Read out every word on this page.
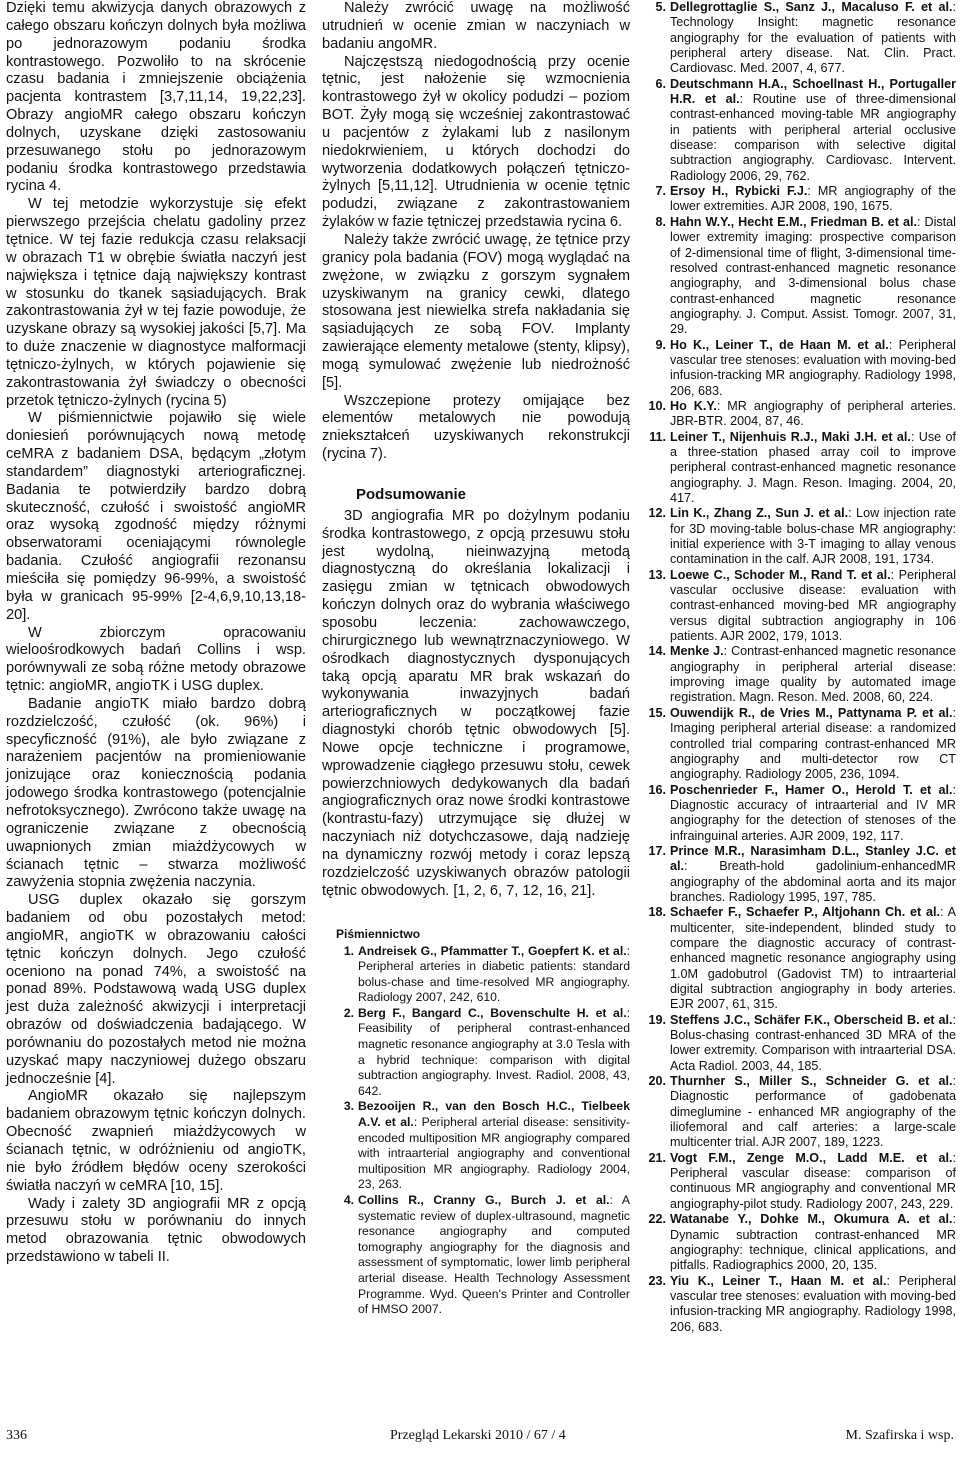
Dzięki temu akwizycja danych obrazowych z całego obszaru kończyn dolnych była możliwa po jednorazowym podaniu środka kontrastowego. Pozwoliło to na skrócenie czasu badania i zmniejszenie obciążenia pacjenta kontrastem [3,7,11,14, 19,22,23]. Obrazy angioMR całego obszaru kończyn dolnych, uzyskane dzięki zastosowaniu przesuwanego stołu po jednorazowym podaniu środka kontrastowego przedstawia rycina 4.

W tej metodzie wykorzystuje się efekt pierwszego przejścia chelatu gadoliny przez tętnice. W tej fazie redukcja czasu relaksacji w obrazach T1 w obrębie światła naczyń jest największa i tętnice dają największy kontrast w stosunku do tkanek sąsiadujących. Brak zakontrastowania żył w tej fazie powoduje, że uzyskane obrazy są wysokiej jakości [5,7]. Ma to duże znaczenie w diagnostyce malformacji tętniczo-żylnych, w których pojawienie się zakontrastowania żył świadczy o obecności przetok tętniczo-żylnych (rycina 5)

W piśmiennictwie pojawiło się wiele doniesień porównujących nową metodę ceMRA z badaniem DSA, będącym „złotym standardem” diagnostyki arteriograficznej. Badania te potwierdziły bardzo dobrą skuteczność, czułość i swoistość angioMR oraz wysoką zgodność między różnymi obserwatorami oceniającymi równolegle badania. Czułość angiografii rezonansu mieściła się pomiędzy 96-99%, a swoistość była w granicach 95-99% [2-4,6,9,10,13,18-20].

W zbiorczym opracowaniu wieloośrodkowych badań Collins i wsp. porównywali ze sobą różne metody obrazowe tętnic: angioMR, angioTK i USG duplex.

Badanie angioTK miało bardzo dobrą rozdzielczość, czułość (ok. 96%) i specyficzność (91%), ale było związane z narażeniem pacjentów na promieniowanie jonizujące oraz koniecznością podania jodowego środka kontrastowego (potencjalnie nefrotoksycznego). Zwrócono także uwagę na ograniczenie związane z obecnością uwapnionych zmian miażdżycowych w ścianach tętnic – stwarza możliwość zawyżenia stopnia zwężenia naczynia.

USG duplex okazało się gorszym badaniem od obu pozostałych metod: angioMR, angioTK w obrazowaniu całości tętnic kończyn dolnych. Jego czułość oceniono na ponad 74%, a swoistość na ponad 89%. Podstawową wadą USG duplex jest duża zależność akwizycji i interpretacji obrazów od doświadczenia badającego. W porównaniu do pozostałych metod nie można uzyskać mapy naczyniowej dużego obszaru jednocześnie [4].

AngioMR okazało się najlepszym badaniem obrazowym tętnic kończyn dolnych. Obecność zwapnień miażdżycowych w ścianach tętnic, w odróżnieniu od angioTK, nie było źródłem błędów oceny szerokości światła naczyń w ceMRA [10, 15].

Wady i zalety 3D angiografii MR z opcją przesuwu stołu w porównaniu do innych metod obrazowania tętnic obwodowych przedstawiono w tabeli II.

Należy zwrócić uwagę na możliwość utrudnień w ocenie zmian w naczyniach w badaniu angoMR.

Najczęstszą niedogodnością przy ocenie tętnic, jest nałożenie się wzmocnienia kontrastowego żył w okolicy podudzi – poziom BOT. Żyły mogą się wcześniej zakontrastować u pacjentów z żylakami lub z nasilonym niedokrwieniem, u których dochodzi do wytworzenia dodatkowych połączeń tętniczo-żylnych [5,11,12]. Utrudnienia w ocenie tętnic podudzi, związane z zakontrastowaniem żylaków w fazie tętniczej przedstawia rycina 6.

Należy także zwrócić uwagę, że tętnice przy granicy pola badania (FOV) mogą wyglądać na zwężone, w związku z gorszym sygnałem uzyskiwanym na granicy cewki, dlatego stosowana jest niewielka strefa nakładania się sąsiadujących ze sobą FOV. Implanty zawierające elementy metalowe (stenty, klipsy), mogą symulować zwężenie lub niedrożność [5].

Wszczepione protezy omijające bez elementów metalowych nie powodują zniekształceń uzyskiwanych rekonstrukcji (rycina 7).

Podsumowanie

3D angiografia MR po dożylnym podaniu środka kontrastowego, z opcją przesuwu stołu jest wydolną, nieinwazyjną metodą diagnostyczną do określania lokalizacji i zasięgu zmian w tętnicach obwodowych kończyn dolnych oraz do wybrania właściwego sposobu leczenia: zachowawczego, chirurgicznego lub wewnątrznaczyniowego. W ośrodkach diagnostycznych dysponujących taką opcją aparatu MR brak wskazań do wykonywania inwazyjnych badań arteriograficznych w początkowej fazie diagnostyki chorób tętnic obwodowych [5]. Nowe opcje techniczne i programowe, wprowadzenie ciągłego przesuwu stołu, cewek powierzchniowych dedykowanych dla badań angiograficznych oraz nowe środki kontrastowe (kontrastu-fazy) utrzymujące się dłużej w naczyniach niż dotychczasowe, dają nadzieję na dynamiczny rozwój metody i coraz lepszą rozdzielczość uzyskiwanych obrazów patologii tętnic obwodowych. [1, 2, 6, 7, 12, 16, 21].

Piśmiennictwo
1. Andreisek G., Pfammatter T., Goepfert K. et al.: Peripheral arteries in diabetic patients: standard bolus-chase and time-resolved MR angiography. Radiology 2007, 242, 610.
2. Berg F., Bangard C., Bovenschulte H. et al.: Feasibility of peripheral contrast-enhanced magnetic resonance angiography at 3.0 Tesla with a hybrid technique: comparison with digital subtraction angiography. Invest. Radiol. 2008, 43, 642.
3. Bezooijen R., van den Bosch H.C., Tielbeek A.V. et al.: Peripheral arterial disease: sensitivity-encoded multiposition MR angiography compared with intraarterial angiography and conventional multiposition MR angiography. Radiology 2004, 23, 263.
4. Collins R., Cranny G., Burch J. et al.: A systematic review of duplex-ultrasound, magnetic resonance angiography and computed tomography angiography for the diagnosis and assessment of symptomatic, lower limb peripheral arterial disease. Health Technology Assessment Programme. Wyd. Queen's Printer and Controller of HMSO 2007.
5. Dellegrottaglie S., Sanz J., Macaluso F. et al.: Technology Insight: magnetic resonance angiography for the evaluation of patients with peripheral artery disease. Nat. Clin. Pract. Cardiovasc. Med. 2007, 4, 677.
6. Deutschmann H.A., Schoellnast H., Portugaller H.R. et al.: Routine use of three-dimensional contrast-enhanced moving-table MR angiography in patients with peripheral arterial occlusive disease: comparison with selective digital subtraction angiography. Cardiovasc. Intervent. Radiology 2006, 29, 762.
7. Ersoy H., Rybicki F.J.: MR angiography of the lower extremities. AJR 2008, 190, 1675.
8. Hahn W.Y., Hecht E.M., Friedman B. et al.: Distal lower extremity imaging: prospective comparison of 2-dimensional time of flight, 3-dimensional time-resolved contrast-enhanced magnetic resonance angiography, and 3-dimensional bolus chase contrast-enhanced magnetic resonance angiography. J. Comput. Assist. Tomogr. 2007, 31, 29.
9. Ho K., Leiner T., de Haan M. et al.: Peripheral vascular tree stenoses: evaluation with moving-bed infusion-tracking MR angiography. Radiology 1998, 206, 683.
10. Ho K.Y.: MR angiography of peripheral arteries. JBR-BTR. 2004, 87, 46.
11. Leiner T., Nijenhuis R.J., Maki J.H. et al.: Use of a three-station phased array coil to improve peripheral contrast-enhanced magnetic resonance angiography. J. Magn. Reson. Imaging. 2004, 20, 417.
12. Lin K., Zhang Z., Sun J. et al.: Low injection rate for 3D moving-table bolus-chase MR angiography: initial experience with 3-T imaging to allay venous contamination in the calf. AJR 2008, 191, 1734.
13. Loewe C., Schoder M., Rand T. et al.: Peripheral vascular occlusive disease: evaluation with contrast-enhanced moving-bed MR angiography versus digital subtraction angiography in 106 patients. AJR 2002, 179, 1013.
14. Menke J.: Contrast-enhanced magnetic resonance angiography in peripheral arterial disease: improving image quality by automated image registration. Magn. Reson. Med. 2008, 60, 224.
15. Ouwendijk R., de Vries M., Pattynama P. et al.: Imaging peripheral arterial disease: a randomized controlled trial comparing contrast-enhanced MR angiography and multi-detector row CT angiography. Radiology 2005, 236, 1094.
16. Poschenrieder F., Hamer O., Herold T. et al.: Diagnostic accuracy of intraarterial and IV MR angiography for the detection of stenoses of the infrainguinal arteries. AJR 2009, 192, 117.
17. Prince M.R., Narasimham D.L., Stanley J.C. et al.: Breath-hold gadolinium-enhancedMR angiography of the abdominal aorta and its major branches. Radiology 1995, 197, 785.
18. Schaefer F., Schaefer P., Altjohann Ch. et al.: A multicenter, site-independent, blinded study to compare the diagnostic accuracy of contrast-enhanced magnetic resonance angiography using 1.0M gadobutrol (Gadovist TM) to intraarterial digital subtraction angiography in body arteries. EJR 2007, 61, 315.
19. Steffens J.C., Schäfer F.K., Oberscheid B. et al.: Bolus-chasing contrast-enhanced 3D MRA of the lower extremity. Comparison with intraarterial DSA. Acta Radiol. 2003, 44, 185.
20. Thurnher S., Miller S., Schneider G. et al.: Diagnostic performance of gadobenata dimeglumine - enhanced MR angiography of the iliofemoral and calf arteries: a large-scale multicenter trial. AJR 2007, 189, 1223.
21. Vogt F.M., Zenge M.O., Ladd M.E. et al.: Peripheral vascular disease: comparison of continuous MR angiography and conventional MR angiography-pilot study. Radiology 2007, 243, 229.
22. Watanabe Y., Dohke M., Okumura A. et al.: Dynamic subtraction contrast-enhanced MR angiography: technique, clinical applications, and pitfalls. Radiographics 2000, 20, 135.
23. Yiu K., Leiner T., Haan M. et al.: Peripheral vascular tree stenoses: evaluation with moving-bed infusion-tracking MR angiography. Radiology 1998, 206, 683.
336	Przegląd Lekarski 2010 / 67 / 4	M. Szafirska i wsp.
